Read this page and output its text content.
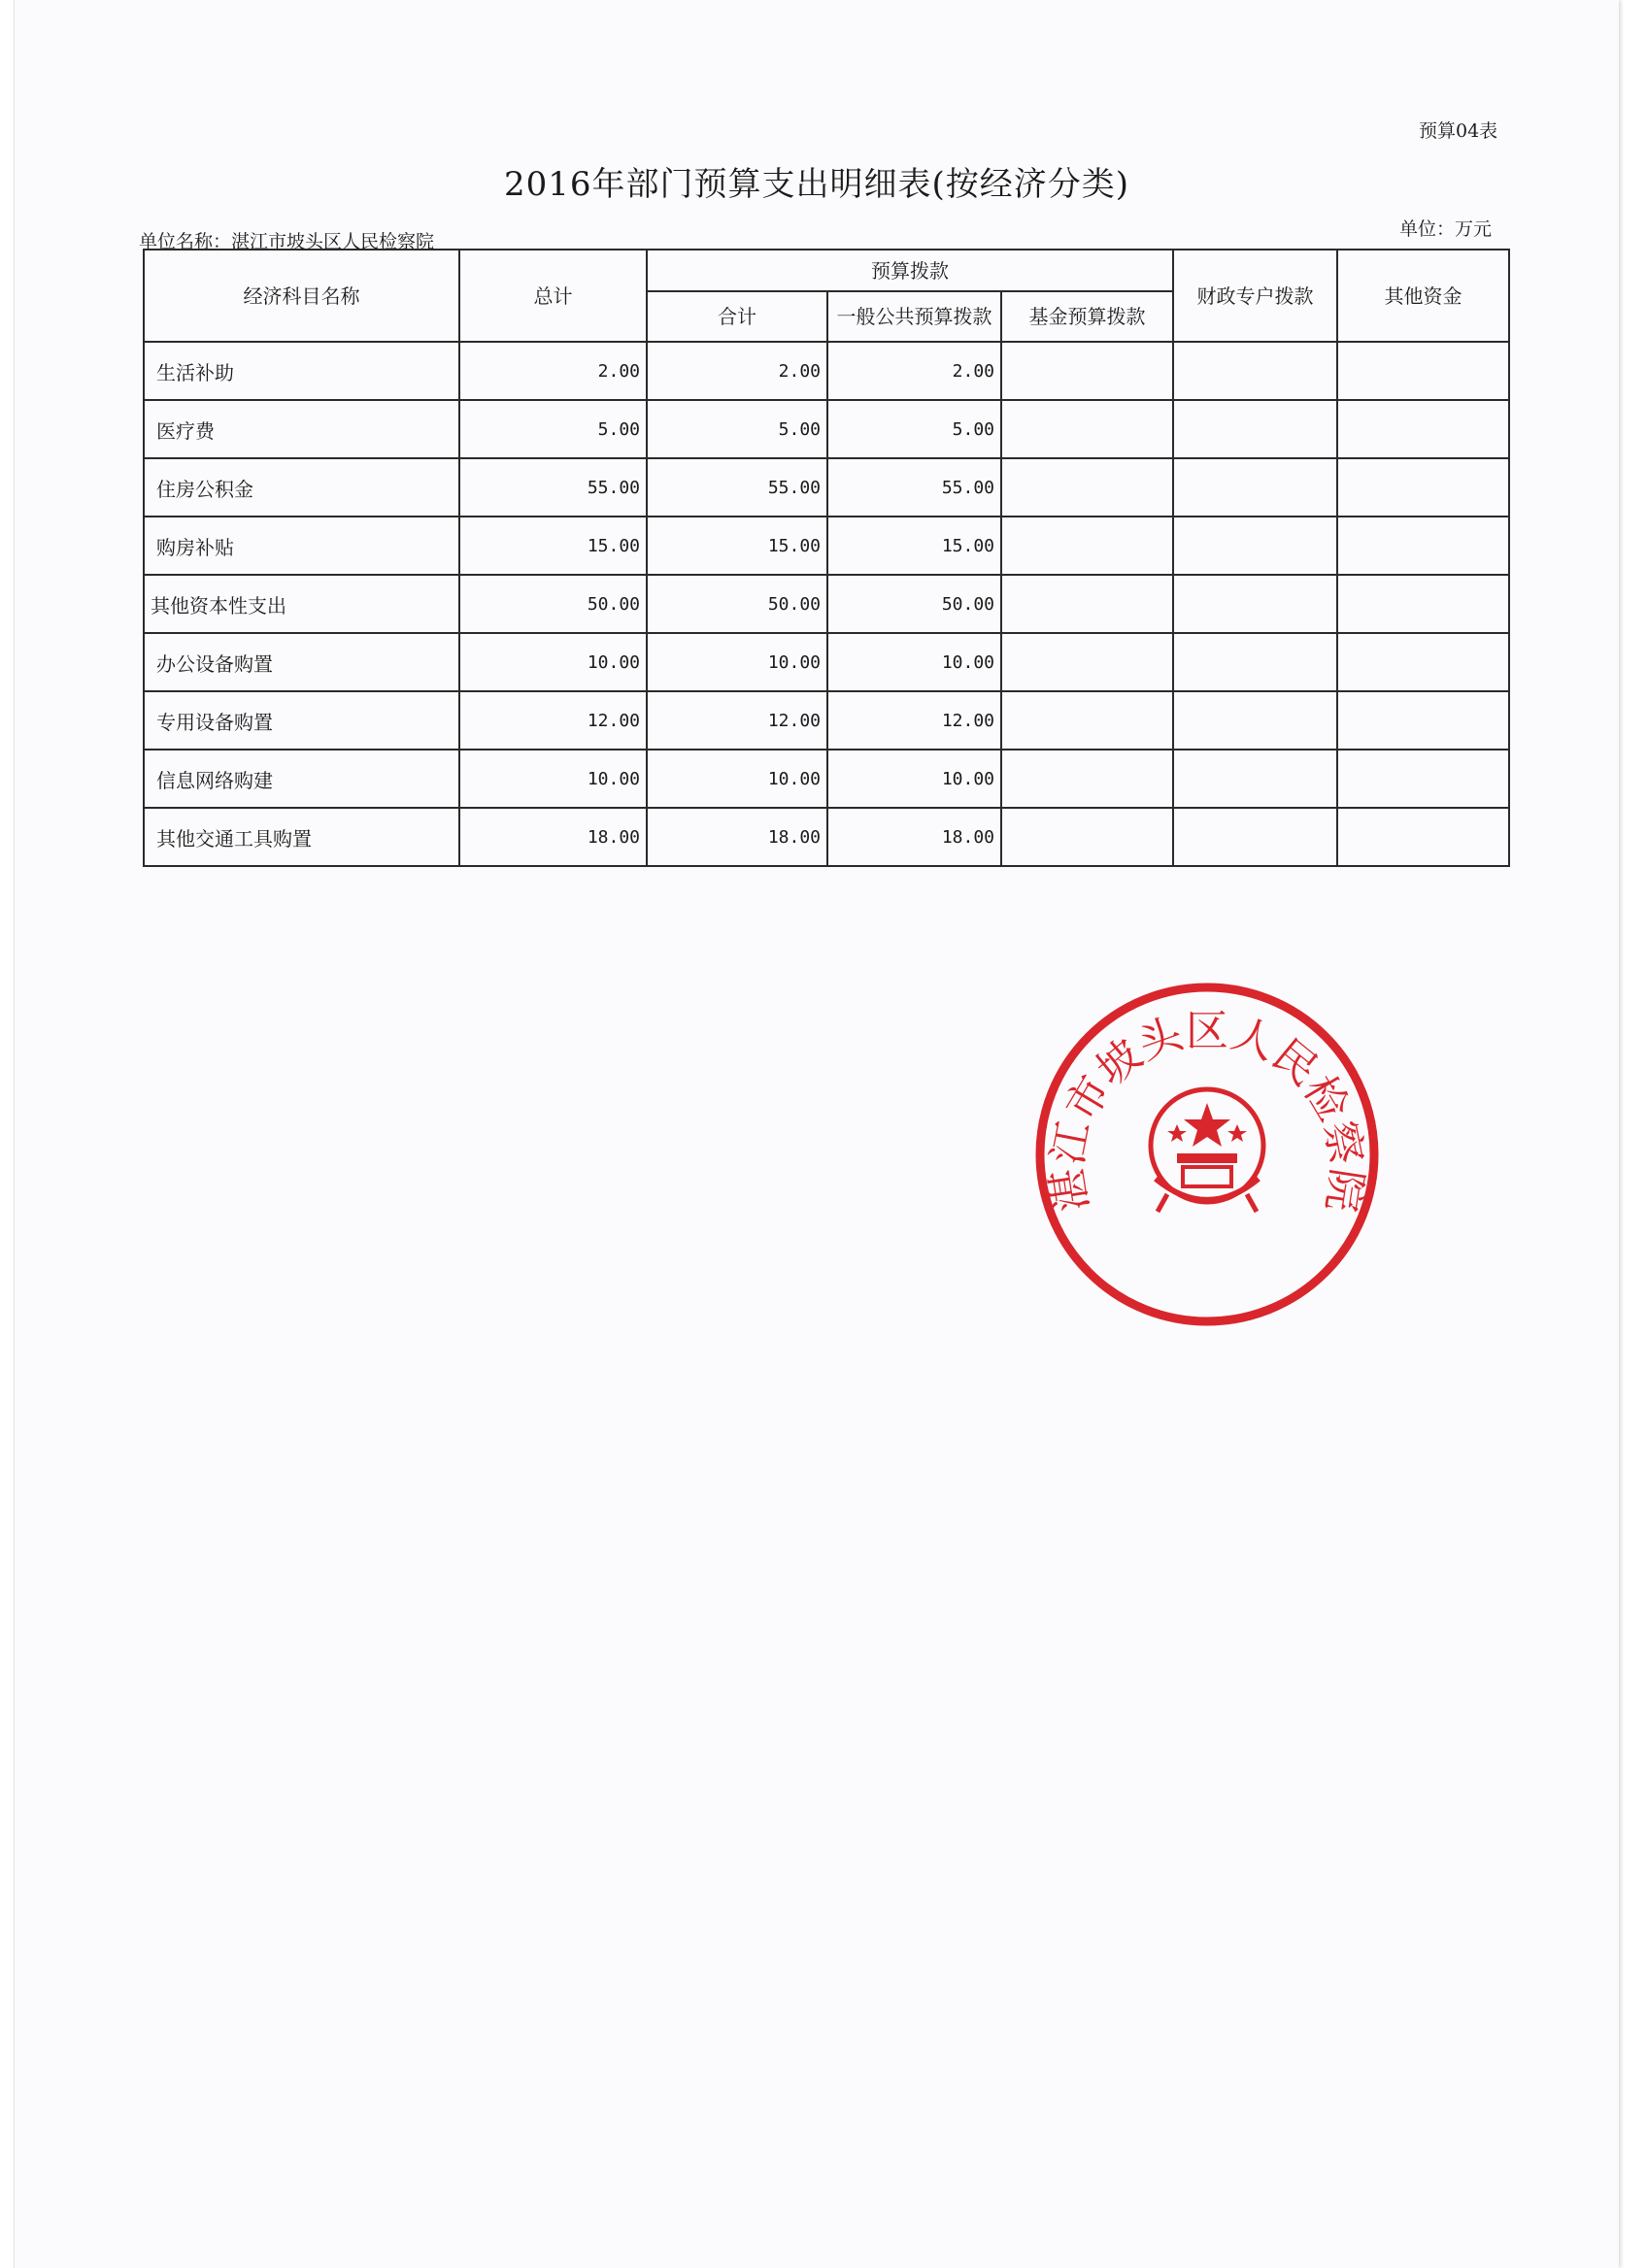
预算04表
2016年部门预算支出明细表(按经济分类)
单位：万元
单位名称：湛江市坡头区人民检察院
经济科目名称	总计	预算拨款			财政专户拨款	其他资金
		合计	一般公共预算拨款	基金预算拨款		
生活补助	2.00	2.00	2.00			
医疗费	5.00	5.00	5.00			
住房公积金	55.00	55.00	55.00			
购房补贴	15.00	15.00	15.00			
其他资本性支出	50.00	50.00	50.00			
办公设备购置	10.00	10.00	10.00			
专用设备购置	12.00	12.00	12.00			
信息网络购建	10.00	10.00	10.00			
其他交通工具购置	18.00	18.00	18.00			
湛江市坡头区人民检察院
